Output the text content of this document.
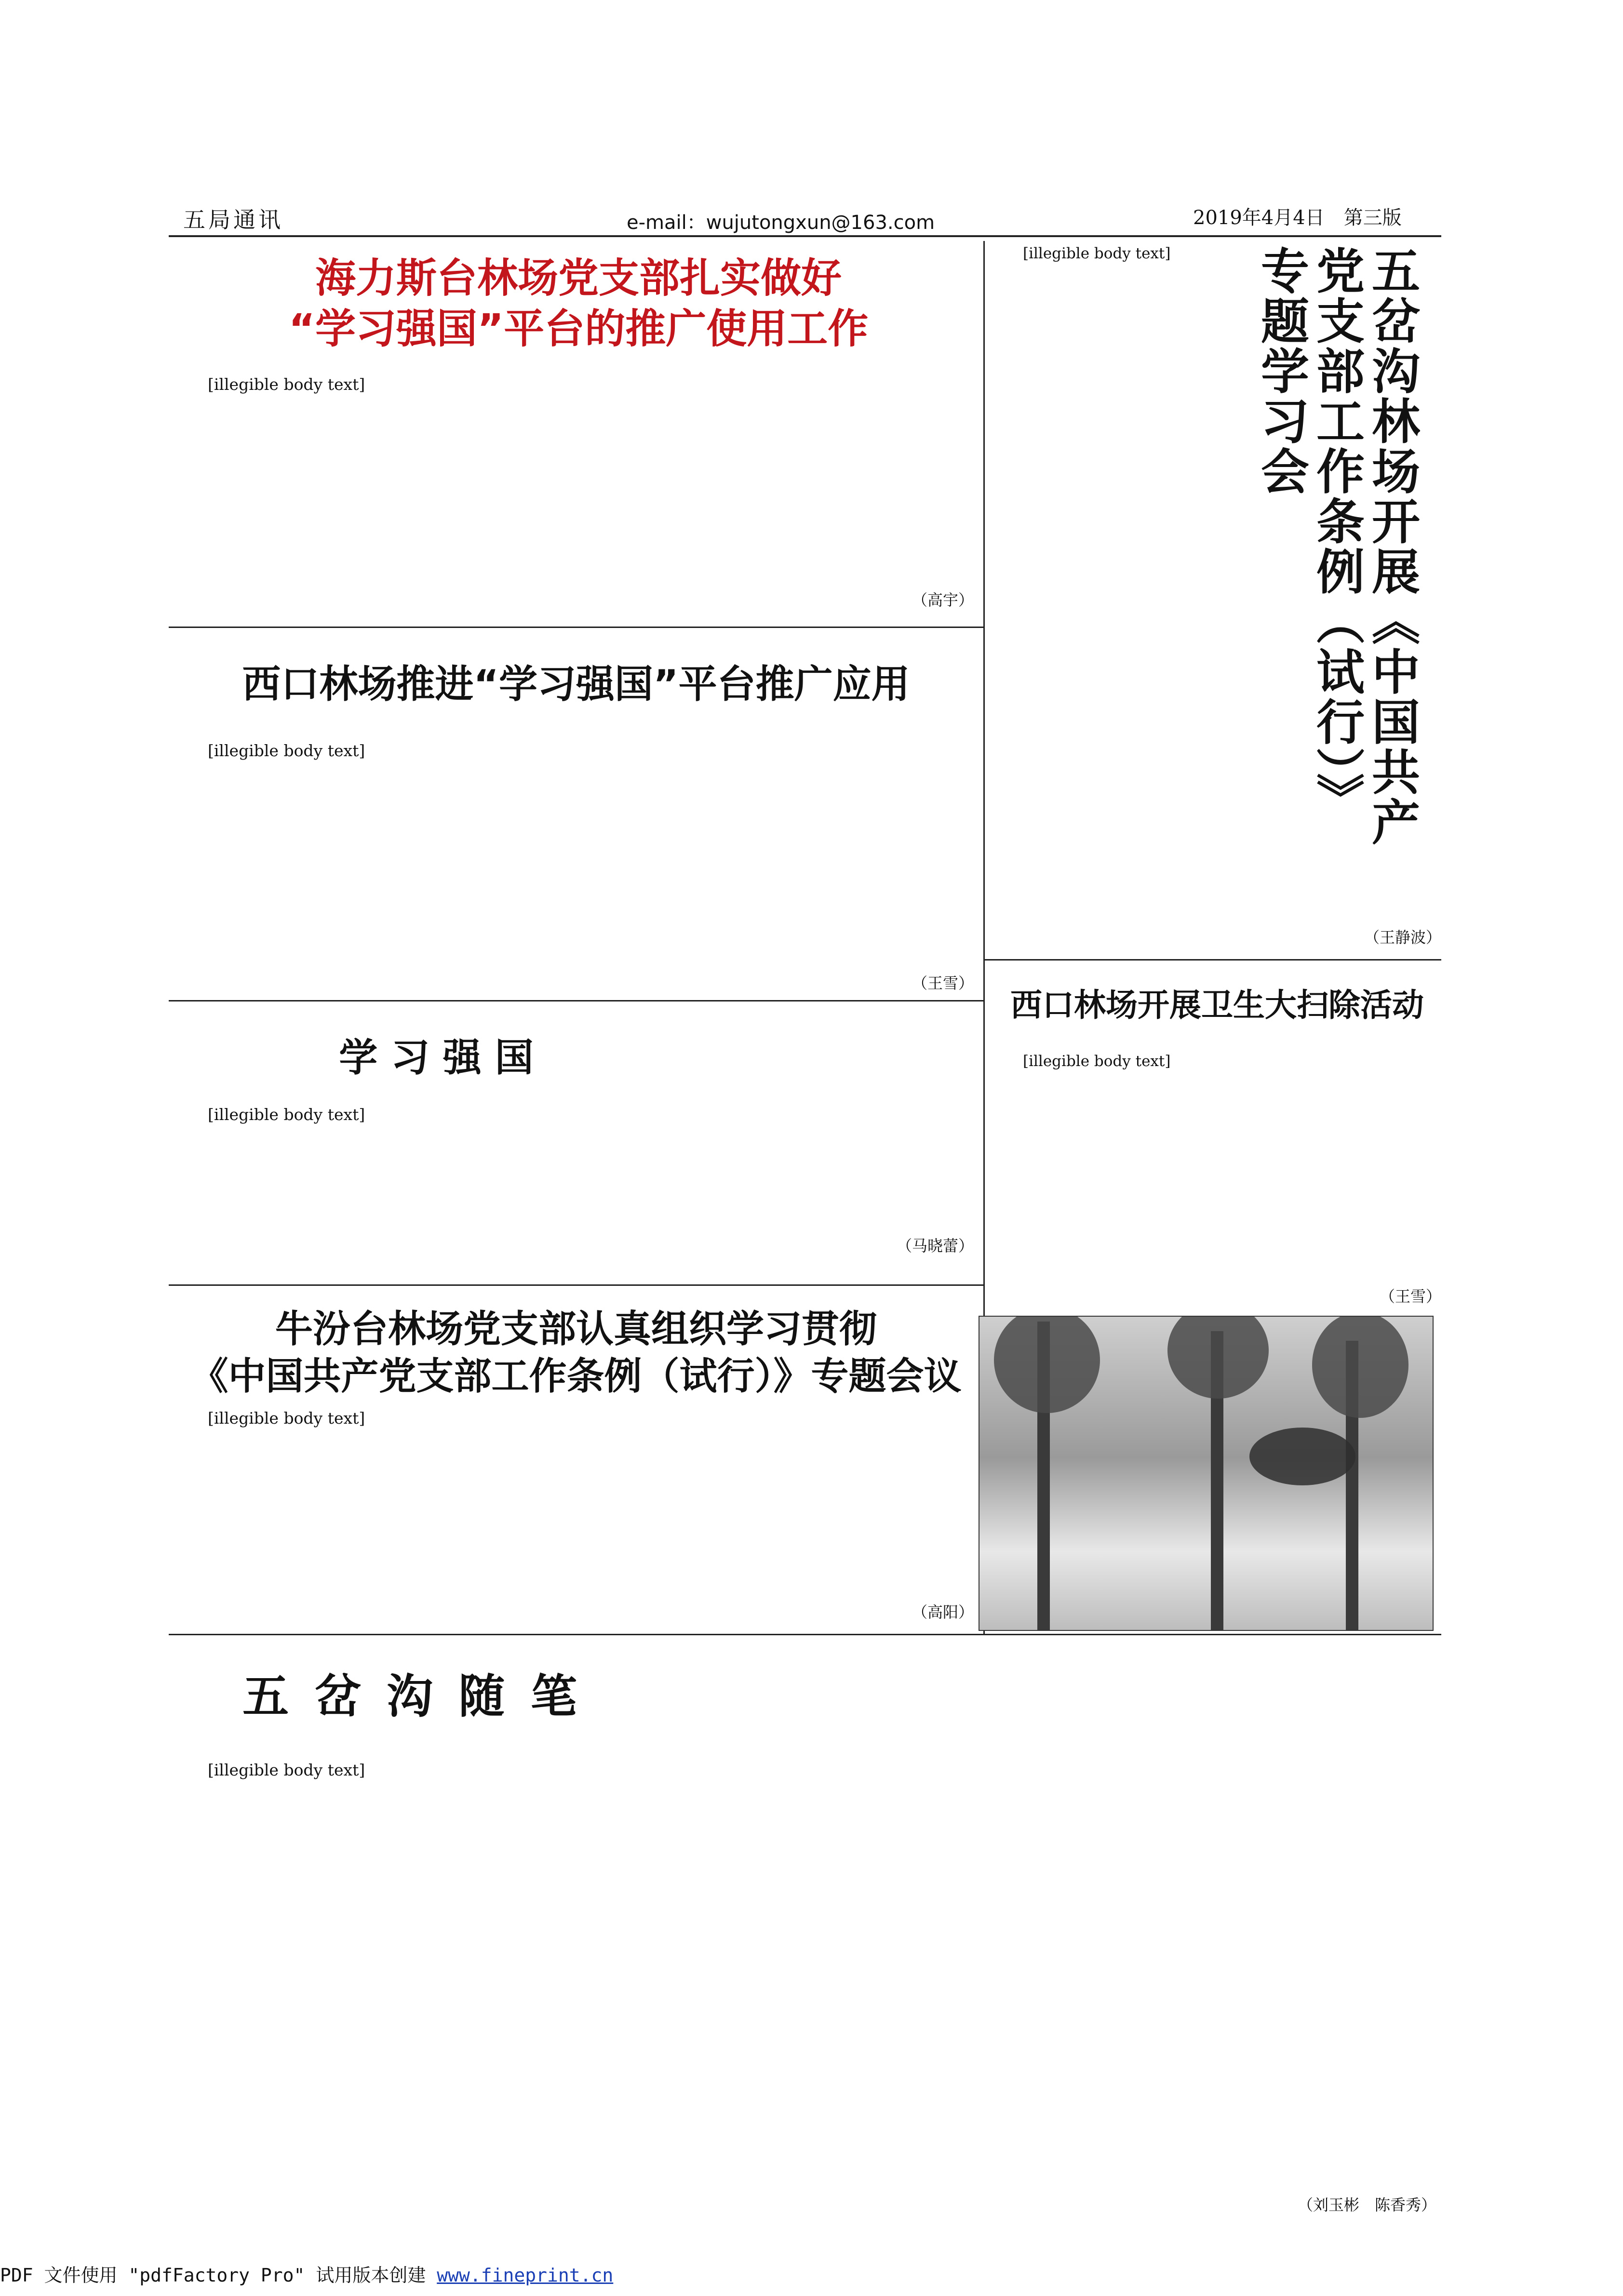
五局通讯	e-mail：wujutongxun@163.com	2019年4月4日　第三版
海力斯台林场党支部扎实做好
“学习强国”平台的推广使用工作

[illegible body text]

（高宇）
西口林场推进“学习强国”平台推广应用

[illegible body text]

（王雪）
学 习 强 国

[illegible body text]

（马晓蕾）
牛汾台林场党支部认真组织学习贯彻
《中国共产党支部工作条例（试行）》专题会议

[illegible body text]

（高阳）

[illegible body text]	五岔沟林场开展《中国共产党支部工作条例（试行）》专题学习会
（王静波）
西口林场开展卫生大扫除活动

[illegible body text]

（王雪）
五 岔 沟 随 笔

[illegible body text]

（刘玉彬　陈香秀）
PDF 文件使用 "pdfFactory Pro" 试用版本创建 www.fineprint.cn
